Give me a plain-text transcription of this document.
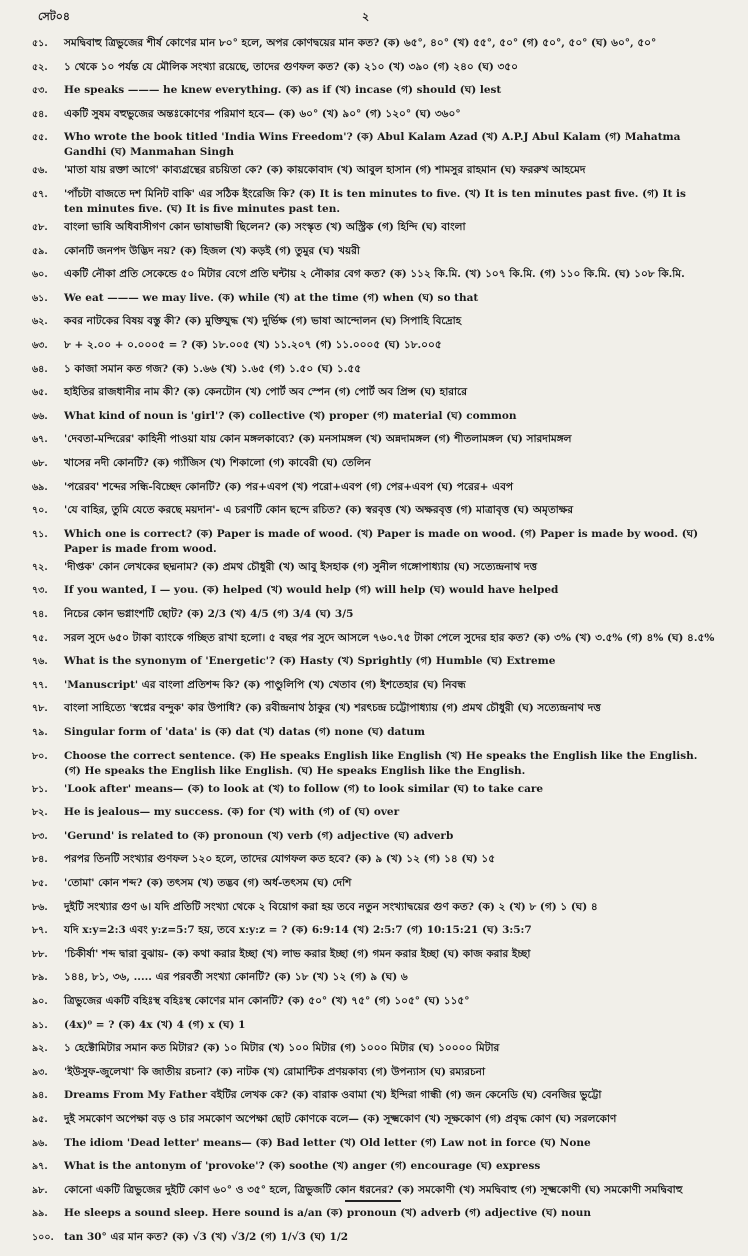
সেট০৪	২
৫১.	সমদ্বিবাহু ত্রিভুজের শীর্ষ কোণের মান ৮০° হলে, অপর কোণদ্বয়ের মান কত? (ক) ৬৫°, ৪০° (খ) ৫৫°, ৫০° (গ) ৫০°, ৫০° (ঘ) ৬০°, ৫০°
৫২.	১ থেকে ১০ পর্যন্ত যে মৌলিক সংখ্যা রয়েছে, তাদের গুণফল কত? (ক) ২১০ (খ) ৩৯০ (গ) ২৪০ (ঘ) ৩৫০
৫৩.	He speaks ——— he knew everything. (ক) as if (খ) incase (গ) should (ঘ) lest
৫৪.	একটি সুষম বহুভুজের অন্তঃকোণের পরিমাণ হবে— (ক) ৬০° (খ) ৯০° (গ) ১২০° (ঘ) ৩৬০°
৫৫.	Who wrote the book titled 'India Wins Freedom'? (ক) Abul Kalam Azad (খ) A.P.J Abul Kalam (গ) Mahatma Gandhi (ঘ) Manmahan Singh
৫৬.	'মাতা যায় রক্তা আগে' কাব্যগ্রন্থের রচয়িতা কে? (ক) কায়কোবাদ (খ) আবুল হাসান (গ) শামসুর রাহমান (ঘ) ফররুখ আহমেদ
৫৭.	'পাঁচটা বাজতে দশ মিনিট বাকি' এর সঠিক ইংরেজি কি? (ক) It is ten minutes to five. (খ) It is ten minutes past five. (গ) It is ten minutes five. (ঘ) It is five minutes past ten.
৫৮.	বাংলা ভাষি অধিবাসীগণ কোন ভাষাভাষী ছিলেন? (ক) সংস্কৃত (খ) অস্ট্রিক (গ) হিন্দি (ঘ) বাংলা
৫৯.	কোনটি জনপদ উদ্ভিদ নয়? (ক) হিজল (খ) কড়ই (গ) তুমুর (ঘ) খয়রী
৬০.	একটি নৌকা প্রতি সেকেন্ডে ৫০ মিটার বেগে প্রতি ঘন্টায় ২ নৌকার বেগ কত? (ক) ১১২ কি.মি. (খ) ১০৭ কি.মি. (গ) ১১০ কি.মি. (ঘ) ১০৮ কি.মি.
৬১.	We eat ——— we may live. (ক) while (খ) at the time (গ) when (ঘ) so that
৬২.	কবর নাটকের বিষয় বস্তু কী? (ক) মুক্তিযুদ্ধ (খ) দুর্ভিক্ষ (গ) ভাষা আন্দোলন (ঘ) সিপাহি বিদ্রোহ
৬৩.	৮ + ২.০০ + ০.০০০৫ = ? (ক) ১৮.০০৫ (খ) ১১.২০৭ (গ) ১১.০০০৫ (ঘ) ১৮.০০৫
৬৪.	১ কাজা সমান কত গজ? (ক) ১.৬৬ (খ) ১.৬৫ (গ) ১.৫০ (ঘ) ১.৫৫
৬৫.	হাইতির রাজধানীর নাম কী? (ক) কেনটোন (খ) পোর্ট অব স্পেন (গ) পোর্ট অব প্রিন্স (ঘ) হারারে
৬৬.	What kind of noun is 'girl'? (ক) collective (খ) proper (গ) material (ঘ) common
৬৭.	'দেবতা-মন্দিরের' কাহিনী পাওয়া যায় কোন মঙ্গলকাব্যে? (ক) মনসামঙ্গল (খ) অন্নদামঙ্গল (গ) শীতলামঙ্গল (ঘ) সারদামঙ্গল
৬৮.	খাসের নদী কোনটি? (ক) গ্যাঁজিস (খ) শিকালো (গ) কাবেরী (ঘ) তেলিন
৬৯.	'পরেরব' শব্দের সন্ধি-বিচ্ছেদ কোনটি? (ক) পর+এবপ (খ) পরো+এবপ (গ) পের+এবপ (ঘ) পরের+ এবপ
৭০.	'যে বাহির, তুমি যেতে করছে ময়দান'- এ চরণটি কোন ছন্দে রচিত? (ক) স্বরবৃত্ত (খ) অক্ষরবৃত্ত (গ) মাত্রাবৃত্ত (ঘ) অমৃতাক্ষর
৭১.	Which one is correct? (ক) Paper is made of wood. (খ) Paper is made on wood. (গ) Paper is made by wood. (ঘ) Paper is made from wood.
৭২.	'দীপ্তক' কোন লেখকের ছদ্মনাম? (ক) প্রমথ চৌধুরী (খ) আবু ইসহাক (গ) সুনীল গঙ্গোপাধ্যায় (ঘ) সত্যেন্দ্রনাথ দত্ত
৭৩.	If you wanted, I — you. (ক) helped (খ) would help (গ) will help (ঘ) would have helped
৭৪.	নিচের কোন ভগ্নাংশটি ছোট? (ক) 2/3 (খ) 4/5 (গ) 3/4 (ঘ) 3/5
৭৫.	সরল সুদে ৬৫০ টাকা ব্যাংকে গচ্ছিত রাখা হলো। ৫ বছর পর সুদে আসলে ৭৬০.৭৫ টাকা পেলে সুদের হার কত? (ক) ৩% (খ) ৩.৫% (গ) ৪% (ঘ) ৪.৫%
৭৬.	What is the synonym of 'Energetic'? (ক) Hasty (খ) Sprightly (গ) Humble (ঘ) Extreme
৭৭.	'Manuscript' এর বাংলা প্রতিশব্দ কি? (ক) পাণ্ডুলিপি (খ) খেতাব (গ) ইশতেহার (ঘ) নিবন্ধ
৭৮.	বাংলা সাহিত্যে 'স্বপ্নের বন্দুক' কার উপাধি? (ক) রবীন্দ্রনাথ ঠাকুর (খ) শরৎচন্দ্র চট্টোপাধ্যায় (গ) প্রমথ চৌধুরী (ঘ) সত্যেন্দ্রনাথ দত্ত
৭৯.	Singular form of 'data' is (ক) dat (খ) datas (গ) none (ঘ) datum
৮০.	Choose the correct sentence. (ক) He speaks English like English (খ) He speaks the English like the English. (গ) He speaks the English like English. (ঘ) He speaks English like the English.
৮১.	'Look after' means— (ক) to look at (খ) to follow (গ) to look similar (ঘ) to take care
৮২.	He is jealous— my success. (ক) for (খ) with (গ) of (ঘ) over
৮৩.	'Gerund' is related to (ক) pronoun (খ) verb (গ) adjective (ঘ) adverb
৮৪.	পরপর তিনটি সংখ্যার গুণফল ১২০ হলে, তাদের যোগফল কত হবে? (ক) ৯ (খ) ১২ (গ) ১৪ (ঘ) ১৫
৮৫.	'তোমা' কোন শব্দ? (ক) তৎসম (খ) তদ্ভব (গ) অর্ধ-তৎসম (ঘ) দেশি
৮৬.	দুইটি সংখ্যার গুণ ৬। যদি প্রতিটি সংখ্যা থেকে ২ বিয়োগ করা হয় তবে নতুন সংখ্যাদ্বয়ের গুণ কত? (ক) ২ (খ) ৮ (গ) ১ (ঘ) ৪
৮৭.	যদি x:y=2:3 এবং y:z=5:7 হয়, তবে x:y:z = ? (ক) 6:9:14 (খ) 2:5:7 (গ) 10:15:21 (ঘ) 3:5:7
৮৮.	'চিকীর্ষা' শব্দ দ্বারা বুঝায়- (ক) কথা করার ইচ্ছা (খ) লাভ করার ইচ্ছা (গ) গমন করার ইচ্ছা (ঘ) কাজ করার ইচ্ছা
৮৯.	১৪৪, ৮১, ৩৬, ..... এর পরবর্তী সংখ্যা কোনটি? (ক) ১৮ (খ) ১২ (গ) ৯ (ঘ) ৬
৯০.	ত্রিভুজের একটি বহিঃস্থ বহিঃস্থ কোণের মান কোনটি? (ক) ৫০° (খ) ৭৫° (গ) ১০৫° (ঘ) ১১৫°
৯১.	(4x)⁰ = ? (ক) 4x (খ) 4 (গ) x (ঘ) 1
৯২.	১ হেক্টোমিটার সমান কত মিটার? (ক) ১০ মিটার (খ) ১০০ মিটার (গ) ১০০০ মিটার (ঘ) ১০০০০ মিটার
৯৩.	'ইউসুফ-জুলেখা' কি জাতীয় রচনা? (ক) নাটক (খ) রোমান্টিক প্রণয়কাব্য (গ) উপন্যাস (ঘ) রম্যরচনা
৯৪.	Dreams From My Father বইটির লেখক কে? (ক) বারাক ওবামা (খ) ইন্দিরা গান্ধী (গ) জন কেনেডি (ঘ) বেনজির ভুট্টো
৯৫.	দুই সমকোণ অপেক্ষা বড় ও চার সমকোণ অপেক্ষা ছোট কোণকে বলে— (ক) সূক্ষ্মকোণ (খ) সূক্ষকোণ (গ) প্রবৃদ্ধ কোণ (ঘ) সরলকোণ
৯৬.	The idiom 'Dead letter' means— (ক) Bad letter (খ) Old letter (গ) Law not in force (ঘ) None
৯৭.	What is the antonym of 'provoke'? (ক) soothe (খ) anger (গ) encourage (ঘ) express
৯৮.	কোনো একটি ত্রিভুজের দুইটি কোণ ৬০° ও ৩৫° হলে, ত্রিভুজটি কোন ধরনের? (ক) সমকোণী (খ) সমদ্বিবাহু (গ) সূক্ষ্মকোণী (ঘ) সমকোণী সমদ্বিবাহু
৯৯.	He sleeps a sound sleep. Here sound is a/an (ক) pronoun (খ) adverb (গ) adjective (ঘ) noun
১০০. tan 30° এর মান কত? (ক) √3 (খ) √3/2 (গ) 1/√3 (ঘ) 1/2
